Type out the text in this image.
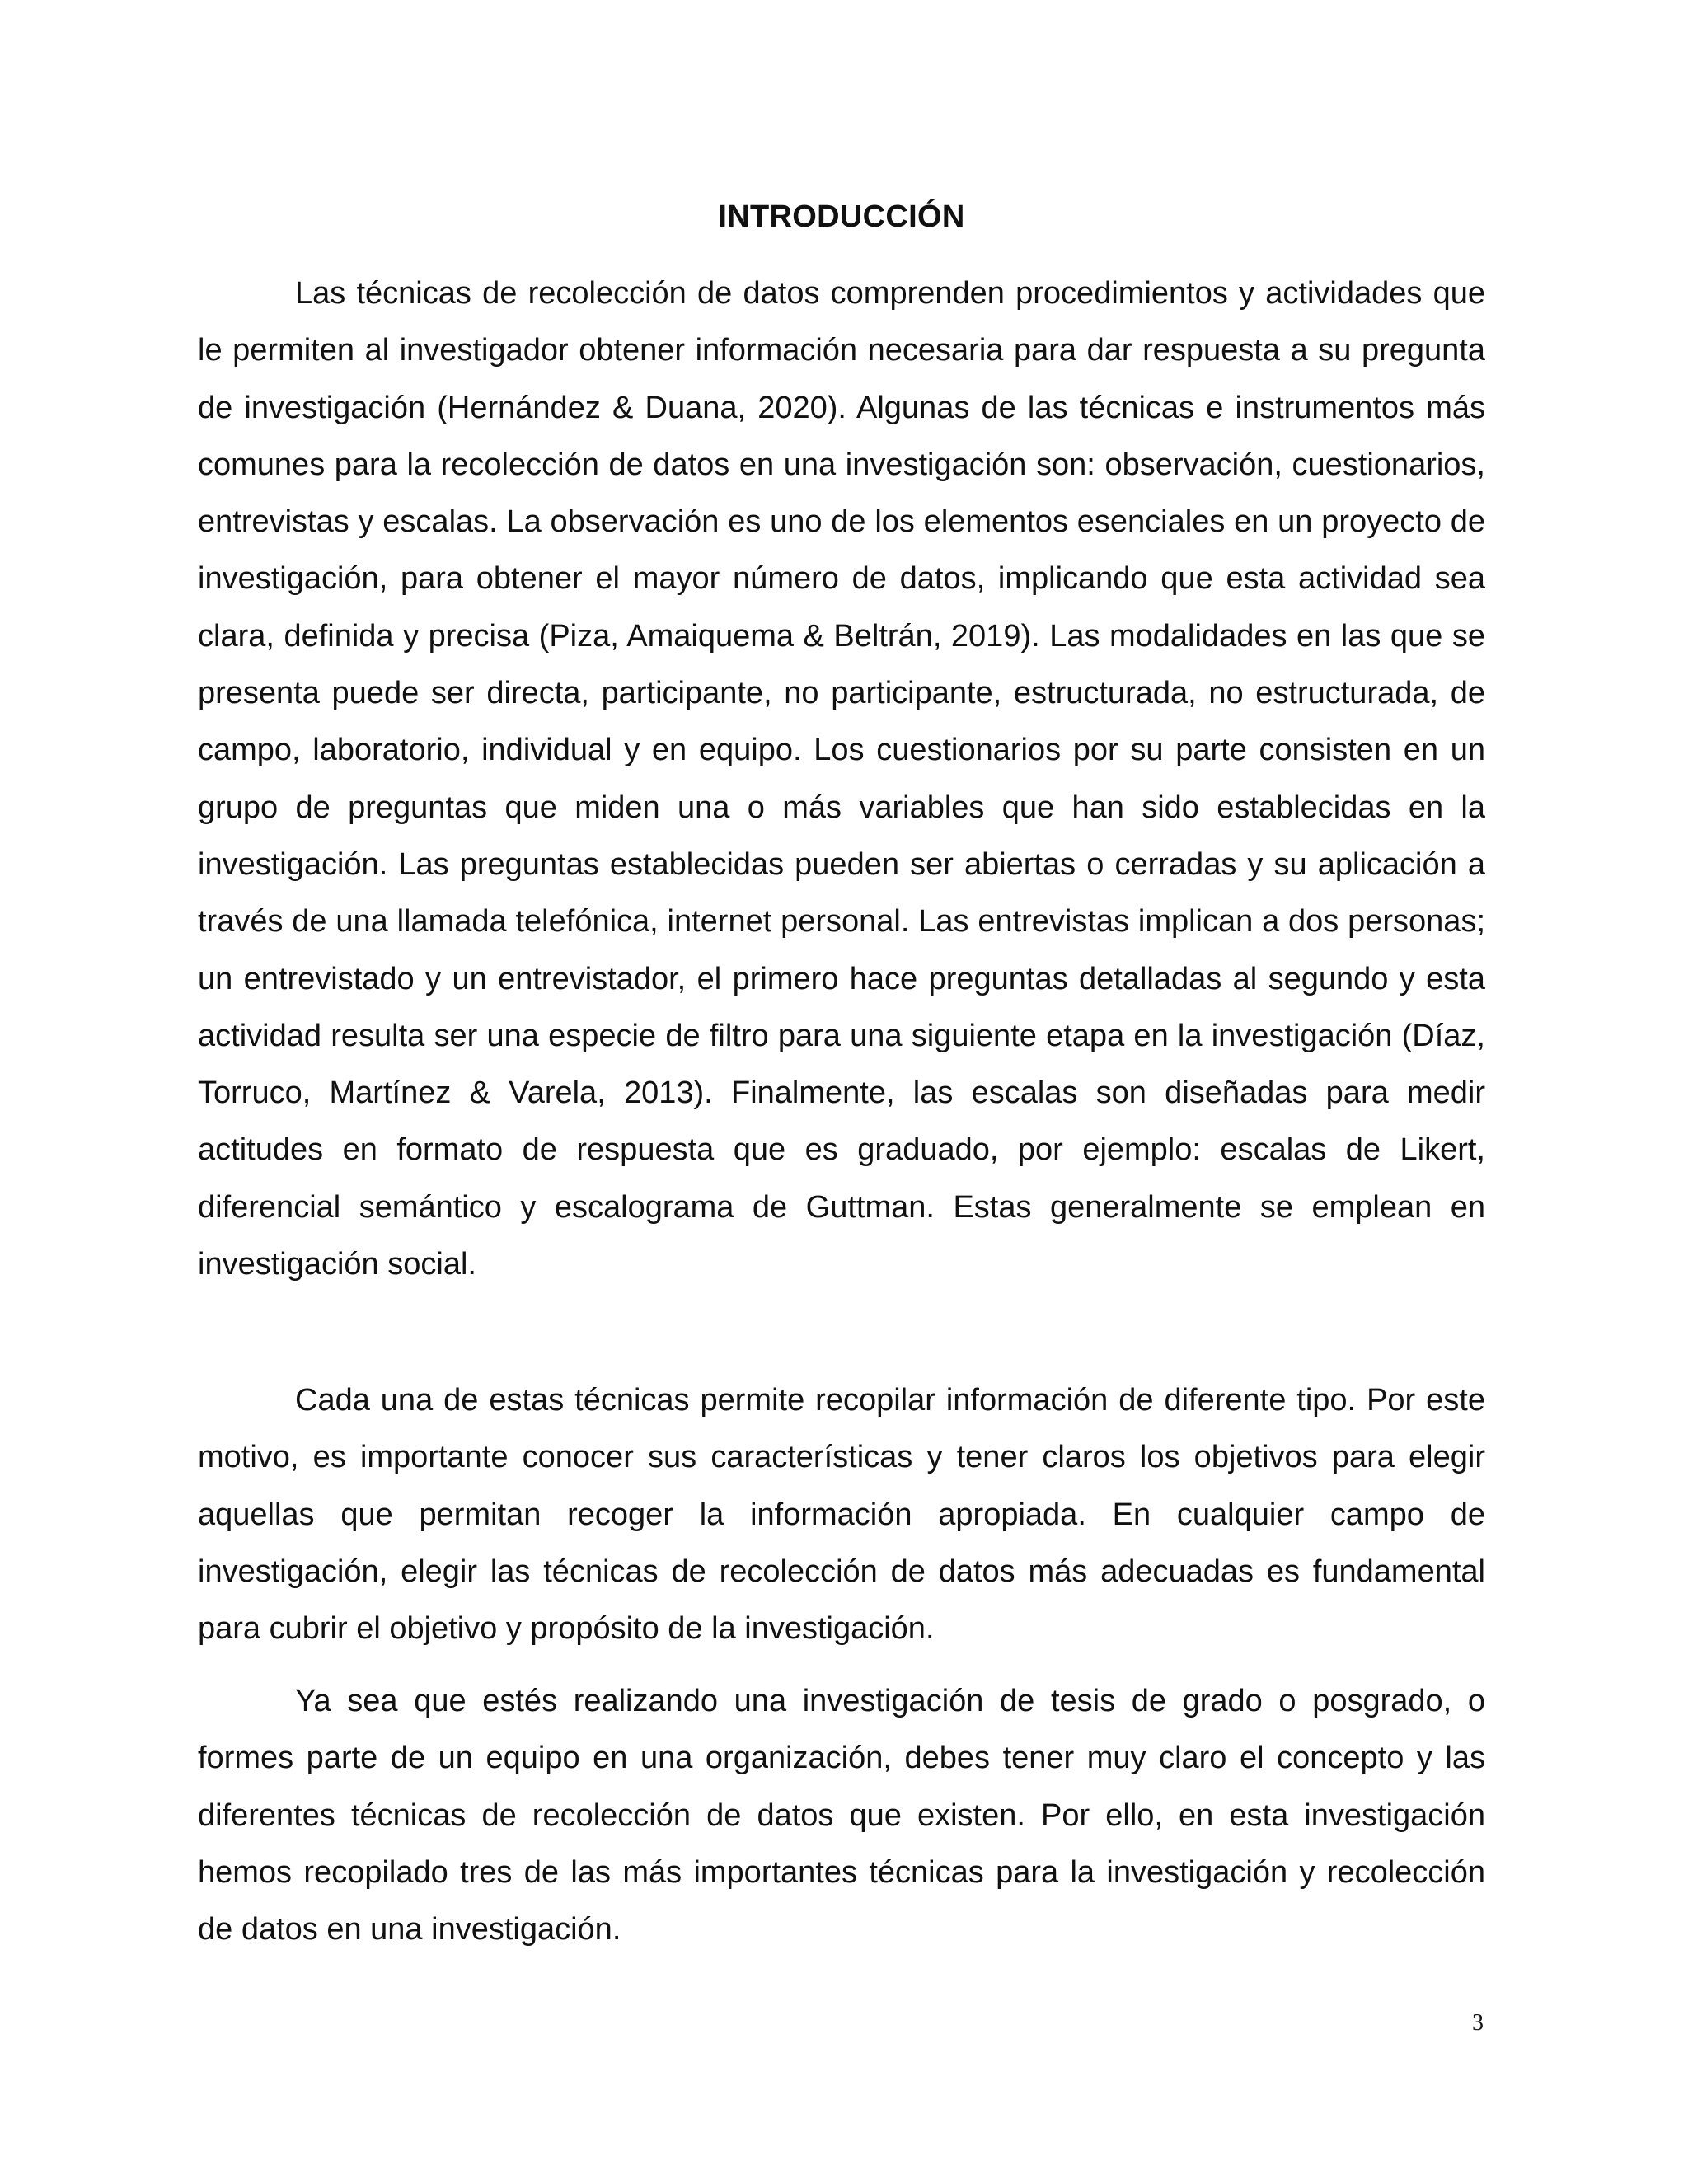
INTRODUCCIÓN

Las técnicas de recolección de datos comprenden procedimientos y actividades que le permiten al investigador obtener información necesaria para dar respuesta a su pregunta de investigación (Hernández & Duana, 2020). Algunas de las técnicas e instrumentos más comunes para la recolección de datos en una investigación son: observación, cuestionarios, entrevistas y escalas. La observación es uno de los elementos esenciales en un proyecto de investigación, para obtener el mayor número de datos, implicando que esta actividad sea clara, definida y precisa (Piza, Amaiquema & Beltrán, 2019). Las modalidades en las que se presenta puede ser directa, participante, no participante, estructurada, no estructurada, de campo, laboratorio, individual y en equipo. Los cuestionarios por su parte consisten en un grupo de preguntas que miden una o más variables que han sido establecidas en la investigación. Las preguntas establecidas pueden ser abiertas o cerradas y su aplicación a través de una llamada telefónica, internet personal. Las entrevistas implican a dos personas; un entrevistado y un entrevistador, el primero hace preguntas detalladas al segundo y esta actividad resulta ser una especie de filtro para una siguiente etapa en la investigación (Díaz, Torruco, Martínez & Varela, 2013). Finalmente, las escalas son diseñadas para medir actitudes en formato de respuesta que es graduado, por ejemplo: escalas de Likert, diferencial semántico y escalograma de Guttman. Estas generalmente se emplean en investigación social.

Cada una de estas técnicas permite recopilar información de diferente tipo. Por este motivo, es importante conocer sus características y tener claros los objetivos para elegir aquellas que permitan recoger la información apropiada. En cualquier campo de investigación, elegir las técnicas de recolección de datos más adecuadas es fundamental para cubrir el objetivo y propósito de la investigación.

Ya sea que estés realizando una investigación de tesis de grado o posgrado, o formes parte de un equipo en una organización, debes tener muy claro el concepto y las diferentes técnicas de recolección de datos que existen. Por ello, en esta investigación hemos recopilado tres de las más importantes técnicas para la investigación y recolección de datos en una investigación.

3
